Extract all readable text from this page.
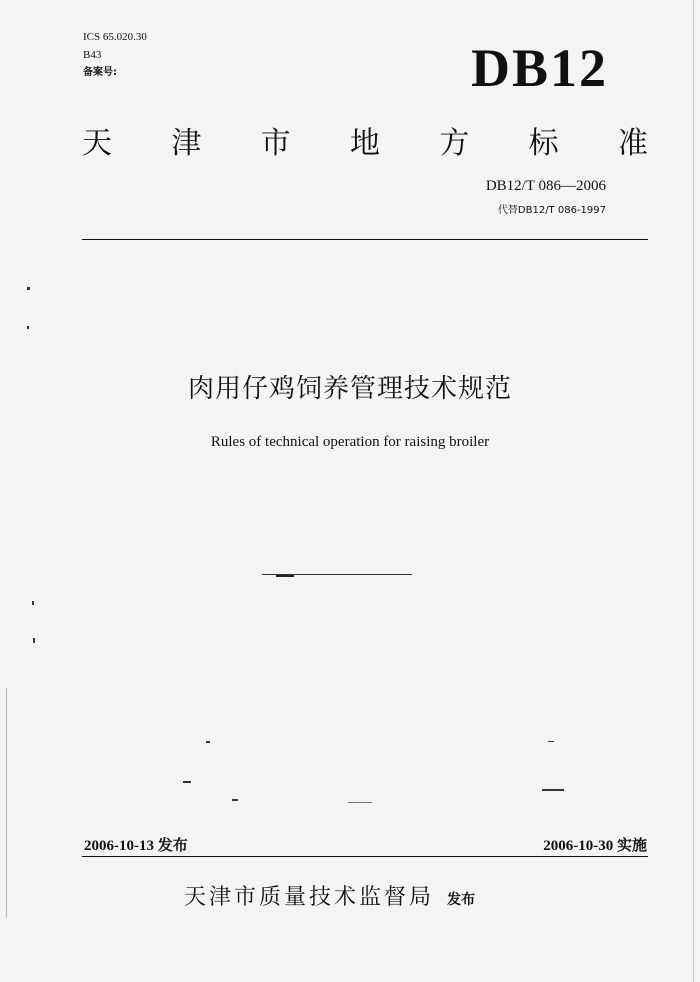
ICS 65.020.30
B43
备案号:	DB12
天 津 市 地 方 标 准
DB12/T 086—2006
代替DB12/T 086-1997
肉用仔鸡饲养管理技术规范
Rules of technical operation for raising broiler
2006-10-13 发布	2006-10-30 实施
天津市质量技术监督局 发布
